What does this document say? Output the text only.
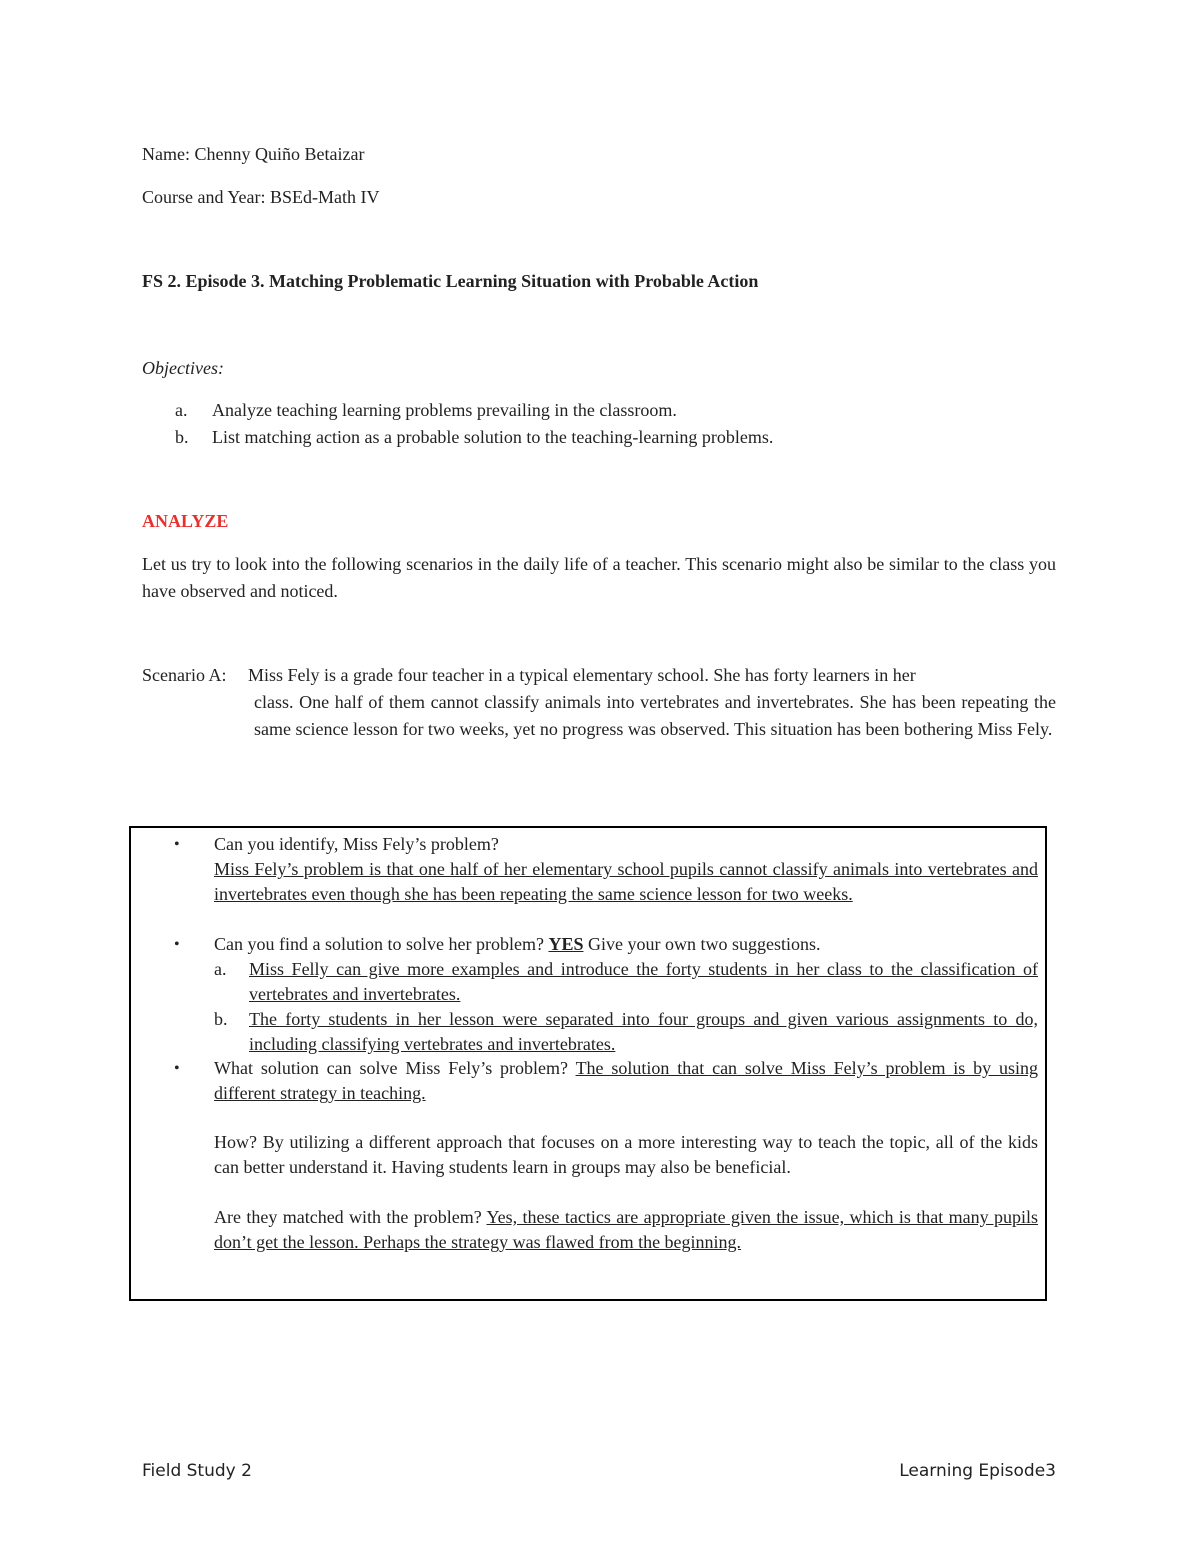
Name: Chenny Quiño Betaizar
Course and Year: BSEd-Math IV
FS 2. Episode 3. Matching Problematic Learning Situation with Probable Action
Objectives:
a. Analyze teaching learning problems prevailing in the classroom.
b. List matching action as a probable solution to the teaching-learning problems.
ANALYZE
Let us try to look into the following scenarios in the daily life of a teacher. This scenario might also be similar to the class you have observed and noticed.
Scenario A: Miss Fely is a grade four teacher in a typical elementary school. She has forty learners in her
class. One half of them cannot classify animals into vertebrates and invertebrates. She has been repeating the same science lesson for two weeks, yet no progress was observed. This situation has been bothering Miss Fely.
• Can you identify, Miss Fely’s problem?
Miss Fely’s problem is that one half of her elementary school pupils cannot classify animals into vertebrates and invertebrates even though she has been repeating the same science lesson for two weeks.
• Can you find a solution to solve her problem? YES Give your own two suggestions.
a. Miss Felly can give more examples and introduce the forty students in her class to the classification of vertebrates and invertebrates.
b. The forty students in her lesson were separated into four groups and given various assignments to do, including classifying vertebrates and invertebrates.
• What solution can solve Miss Fely’s problem? The solution that can solve Miss Fely’s problem is by using different strategy in teaching.
How? By utilizing a different approach that focuses on a more interesting way to teach the topic, all of the kids can better understand it. Having students learn in groups may also be beneficial.
Are they matched with the problem? Yes, these tactics are appropriate given the issue, which is that many pupils don’t get the lesson. Perhaps the strategy was flawed from the beginning.
Field Study 2	Learning Episode3
